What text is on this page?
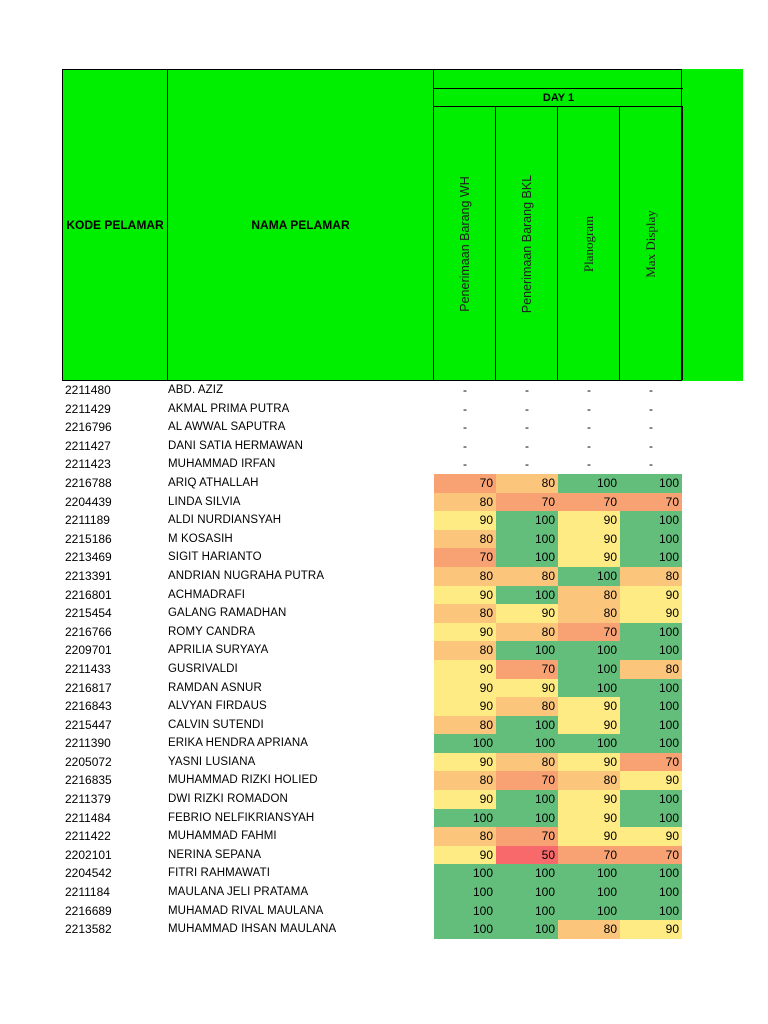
KODE PELAMAR	NAMA PELAMAR
DAY 1
Penerimaan Barang WH	Penerimaan Barang BKL	Planogram	Max Display
2211480	ABD. AZIZ	-	-	-	-
2211429	AKMAL PRIMA PUTRA	-	-	-	-
2216796	AL AWWAL SAPUTRA	-	-	-	-
2211427	DANI SATIA HERMAWAN	-	-	-	-
2211423	MUHAMMAD IRFAN	-	-	-	-
2216788	ARIQ ATHALLAH	70	80	100	100
2204439	LINDA SILVIA	80	70	70	70
2211189	ALDI NURDIANSYAH	90	100	90	100
2215186	M KOSASIH	80	100	90	100
2213469	SIGIT HARIANTO	70	100	90	100
2213391	ANDRIAN NUGRAHA PUTRA	80	80	100	80
2216801	ACHMADRAFI	90	100	80	90
2215454	GALANG RAMADHAN	80	90	80	90
2216766	ROMY CANDRA	90	80	70	100
2209701	APRILIA SURYAYA	80	100	100	100
2211433	GUSRIVALDI	90	70	100	80
2216817	RAMDAN ASNUR	90	90	100	100
2216843	ALVYAN FIRDAUS	90	80	90	100
2215447	CALVIN SUTENDI	80	100	90	100
2211390	ERIKA HENDRA APRIANA	100	100	100	100
2205072	YASNI LUSIANA	90	80	90	70
2216835	MUHAMMAD RIZKI HOLIED	80	70	80	90
2211379	DWI RIZKI ROMADON	90	100	90	100
2211484	FEBRIO NELFIKRIANSYAH	100	100	90	100
2211422	MUHAMMAD FAHMI	80	70	90	90
2202101	NERINA SEPANA	90	50	70	70
2204542	FITRI RAHMAWATI	100	100	100	100
2211184	MAULANA JELI PRATAMA	100	100	100	100
2216689	MUHAMAD RIVAL MAULANA	100	100	100	100
2213582	MUHAMMAD IHSAN MAULANA	100	100	80	90
